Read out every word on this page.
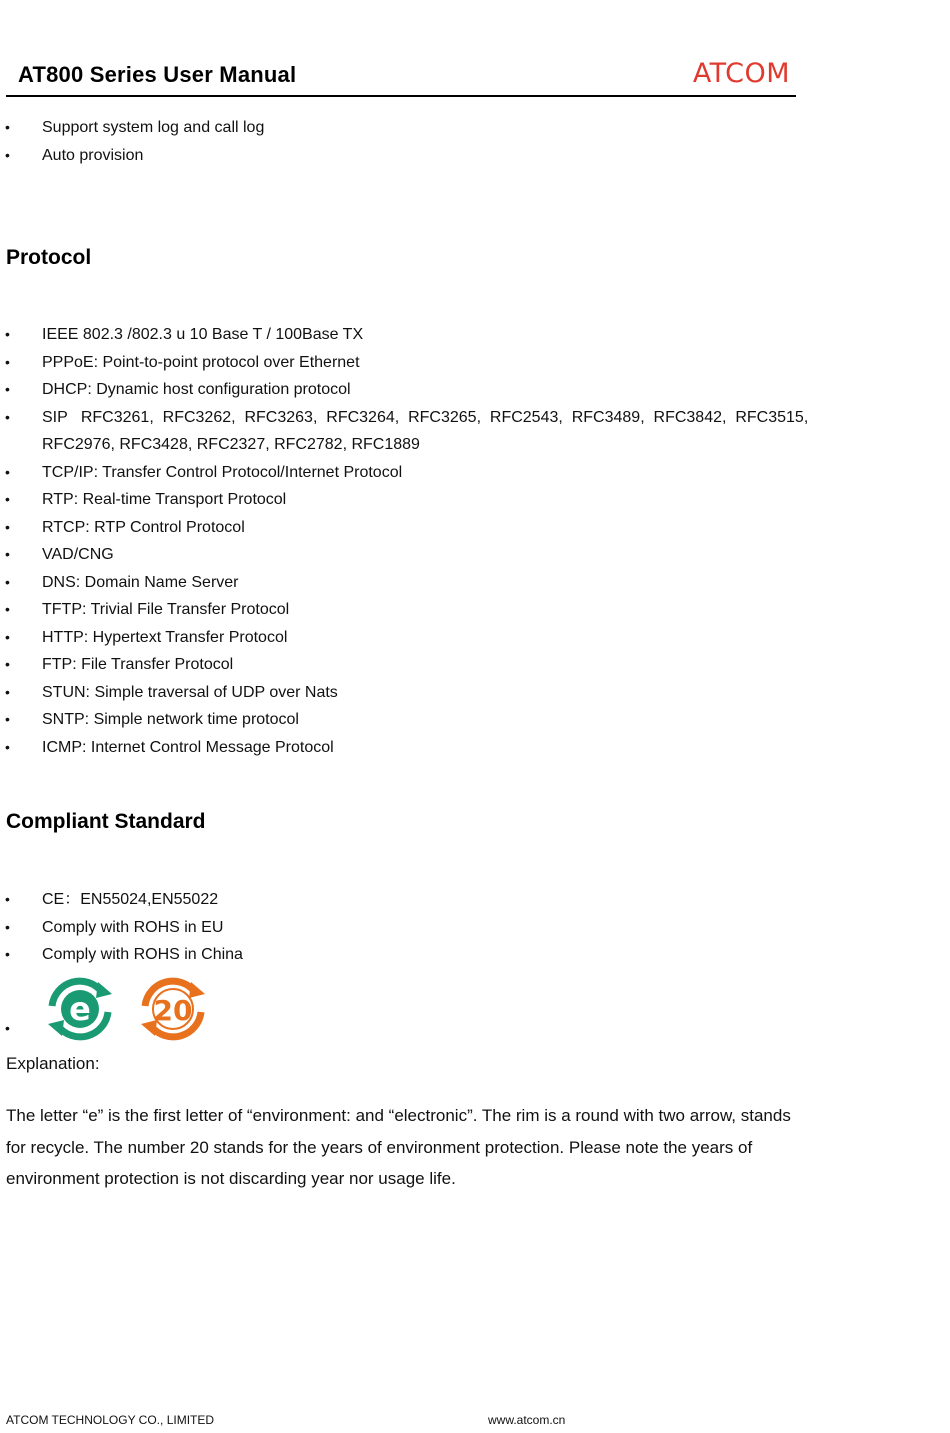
AT800 Series User Manual	ATCOM
• Support system log and call log
• Auto provision
Protocol
• IEEE 802.3 /802.3 u 10 Base T / 100Base TX
• PPPoE: Point-to-point protocol over Ethernet
• DHCP: Dynamic host configuration protocol
• SIP   RFC3261,  RFC3262,  RFC3263,  RFC3264,  RFC3265,  RFC2543,  RFC3489,  RFC3842,  RFC3515,
RFC2976, RFC3428, RFC2327, RFC2782, RFC1889
• TCP/IP: Transfer Control Protocol/Internet Protocol
• RTP: Real-time Transport Protocol
• RTCP: RTP Control Protocol
• VAD/CNG
• DNS: Domain Name Server
• TFTP: Trivial File Transfer Protocol
• HTTP: Hypertext Transfer Protocol
• FTP: File Transfer Protocol
• STUN: Simple traversal of UDP over Nats
• SNTP: Simple network time protocol
• ICMP: Internet Control Message Protocol
Compliant Standard
• CE：EN55024,EN55022
• Comply with ROHS in EU
• Comply with ROHS in China
• e 20
Explanation:
The letter “e” is the first letter of “environment: and “electronic”. The rim is a round with two arrow, stands for recycle. The number 20 stands for the years of environment protection. Please note the years of environment protection is not discarding year nor usage life.
ATCOM TECHNOLOGY CO., LIMITED	www.atcom.cn
